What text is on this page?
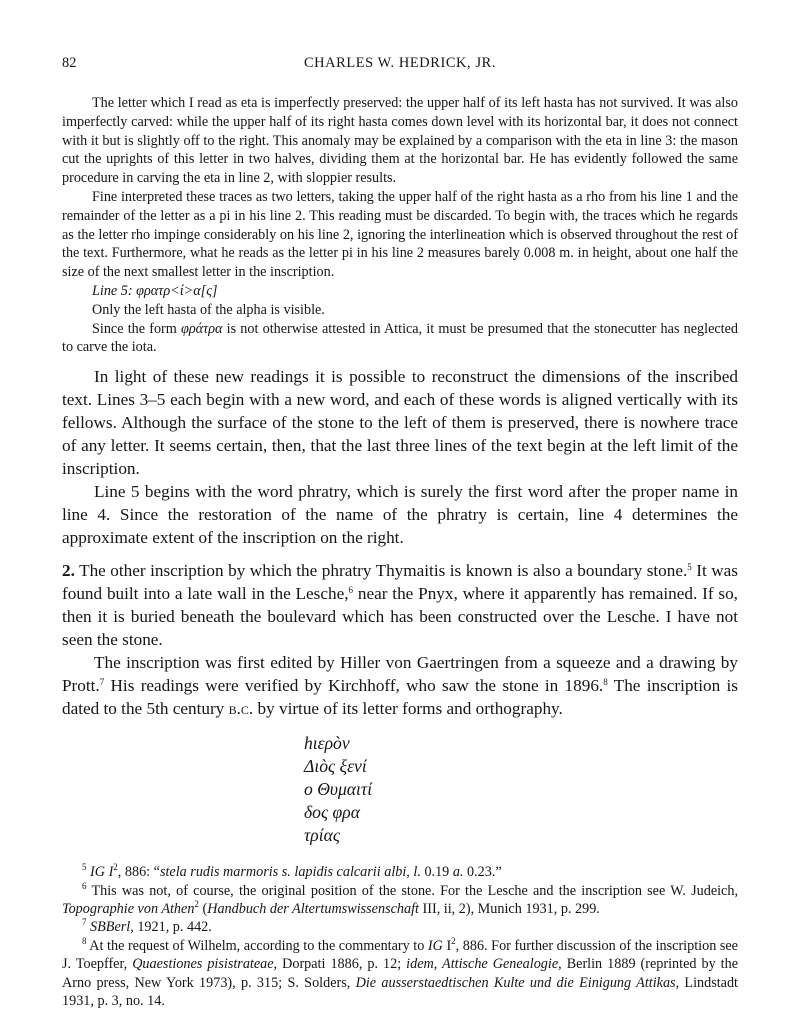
82	CHARLES W. HEDRICK, JR.

The letter which I read as eta is imperfectly preserved: the upper half of its left hasta has not survived. It was also imperfectly carved: while the upper half of its right hasta comes down level with its horizontal bar, it does not connect with it but is slightly off to the right. This anomaly may be explained by a comparison with the eta in line 3: the mason cut the uprights of this letter in two halves, dividing them at the horizontal bar. He has evidently followed the same procedure in carving the eta in line 2, with sloppier results.

Fine interpreted these traces as two letters, taking the upper half of the right hasta as a rho from his line 1 and the remainder of the letter as a pi in his line 2. This reading must be discarded. To begin with, the traces which he regards as the letter rho impinge considerably on his line 2, ignoring the interlineation which is observed throughout the rest of the text. Furthermore, what he reads as the letter pi in his line 2 measures barely 0.008 m. in height, about one half the size of the next smallest letter in the inscription.

Line 5: φρατρ<ί>α[ς]

Only the left hasta of the alpha is visible.

Since the form φράτρα is not otherwise attested in Attica, it must be presumed that the stonecutter has neglected to carve the iota.

In light of these new readings it is possible to reconstruct the dimensions of the inscribed text. Lines 3–5 each begin with a new word, and each of these words is aligned vertically with its fellows. Although the surface of the stone to the left of them is preserved, there is nowhere trace of any letter. It seems certain, then, that the last three lines of the text begin at the left limit of the inscription.

Line 5 begins with the word phratry, which is surely the first word after the proper name in line 4. Since the restoration of the name of the phratry is certain, line 4 determines the approximate extent of the inscription on the right.

2. The other inscription by which the phratry Thymaitis is known is also a boundary stone.$^5$ It was found built into a late wall in the Lesche,$^6$ near the Pnyx, where it apparently has remained. If so, then it is buried beneath the boulevard which has been constructed over the Lesche. I have not seen the stone.

The inscription was first edited by Hiller von Gaertringen from a squeeze and a drawing by Prott.$^7$ His readings were verified by Kirchhoff, who saw the stone in 1896.$^8$ The inscription is dated to the 5th century b.c. by virtue of its letter forms and orthography.

hιερòν
Διòς ξενί
ο Θυμαιτί
δος φρα
τρίας

$^5$ IG $I^2$, 886: “stela rudis marmoris s. lapidis calcarii albi, l. 0.19 a. 0.23.”

$^6$ This was not, of course, the original position of the stone. For the Lesche and the inscription see W. Judeich, Topographie von Athen$^2$ (Handbuch der Altertumswissenschaft III, ii, 2), Munich 1931, p. 299.

$^7$ SBBerl, 1921, p. 442.

$^8$ At the request of Wilhelm, according to the commentary to IG $I^2$, 886. For further discussion of the inscription see J. Toepffer, Quaestiones pisistrateae, Dorpati 1886, p. 12; idem, Attische Genealogie, Berlin 1889 (reprinted by the Arno press, New York 1973), p. 315; S. Solders, Die ausserstaedtischen Kulte und die Einigung Attikas, Lindstadt 1931, p. 3, no. 14.
